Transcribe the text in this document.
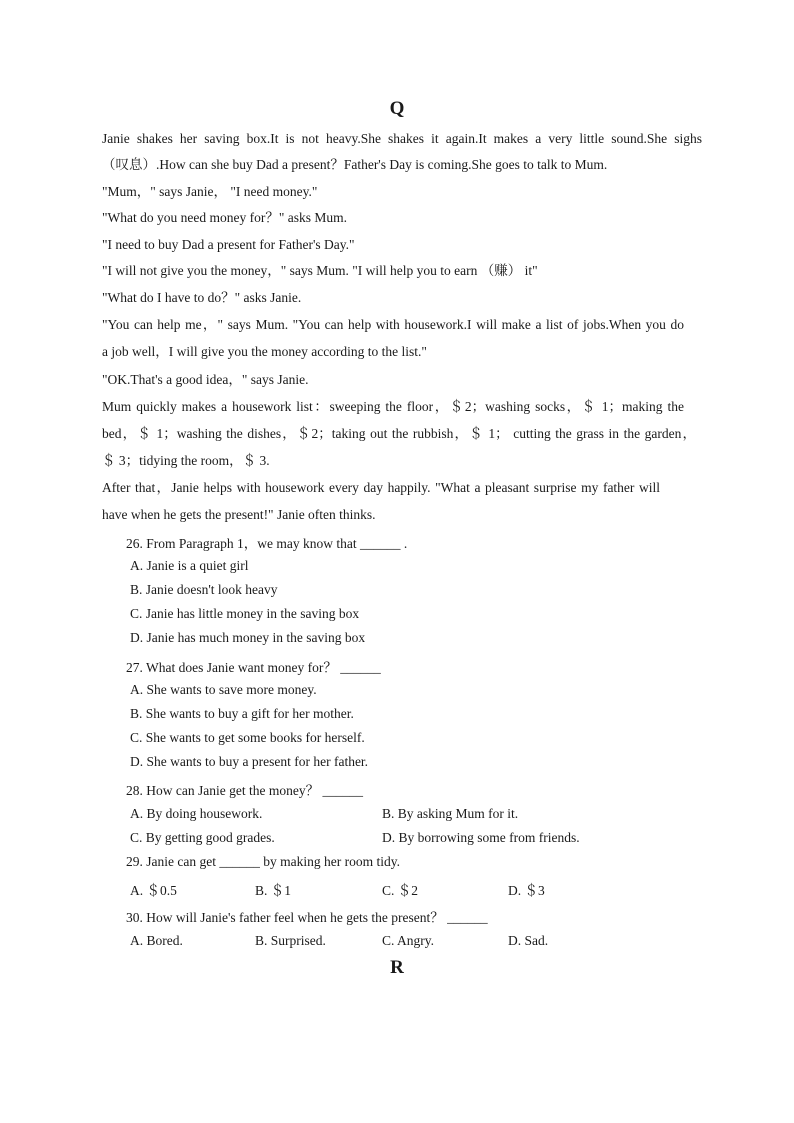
Q
Janie shakes her saving box.It is not heavy.She shakes it again.It makes a very little sound.She sighs
（叹息）.How can she buy Dad a present？Father's Day is coming.She goes to talk to Mum.
"Mum，" says Janie， "I need money."
"What do you need money for？" asks Mum.
"I need to buy Dad a present for Father's Day."
"I will not give you the money，" says Mum. "I will help you to earn （赚） it"
"What do I have to do？" asks Janie.
"You can help me，" says Mum. "You can help with housework.I will make a list of jobs.When you do
a job well，I will give you the money according to the list."
"OK.That's a good idea，" says Janie.
Mum quickly makes a housework list：sweeping the floor，＄2；washing socks，＄ 1；making the
bed，＄ 1；washing the dishes，＄2；taking out the rubbish，＄ 1； cutting the grass in the garden，
＄ 3；tidying the room，＄ 3.
After that，Janie helps with housework every day happily. "What a pleasant surprise my father will
have when he gets the present!" Janie often thinks.
26. From Paragraph 1，we may know that ______ .
A. Janie is a quiet girl
B. Janie doesn't look heavy
C. Janie has little money in the saving box
D. Janie has much money in the saving box
27. What does Janie want money for？ ______
A. She wants to save more money.
B. She wants to buy a gift for her mother.
C. She wants to get some books for herself.
D. She wants to buy a present for her father.
28. How can Janie get the money？ ______
A. By doing housework.	B. By asking Mum for it.
C. By getting good grades.	D. By borrowing some from friends.
29. Janie can get ______ by making her room tidy.
A. ＄0.5	B. ＄1	C. ＄2	D. ＄3
30. How will Janie's father feel when he gets the present？ ______
A. Bored.	B. Surprised.	C. Angry.	D. Sad.
R
